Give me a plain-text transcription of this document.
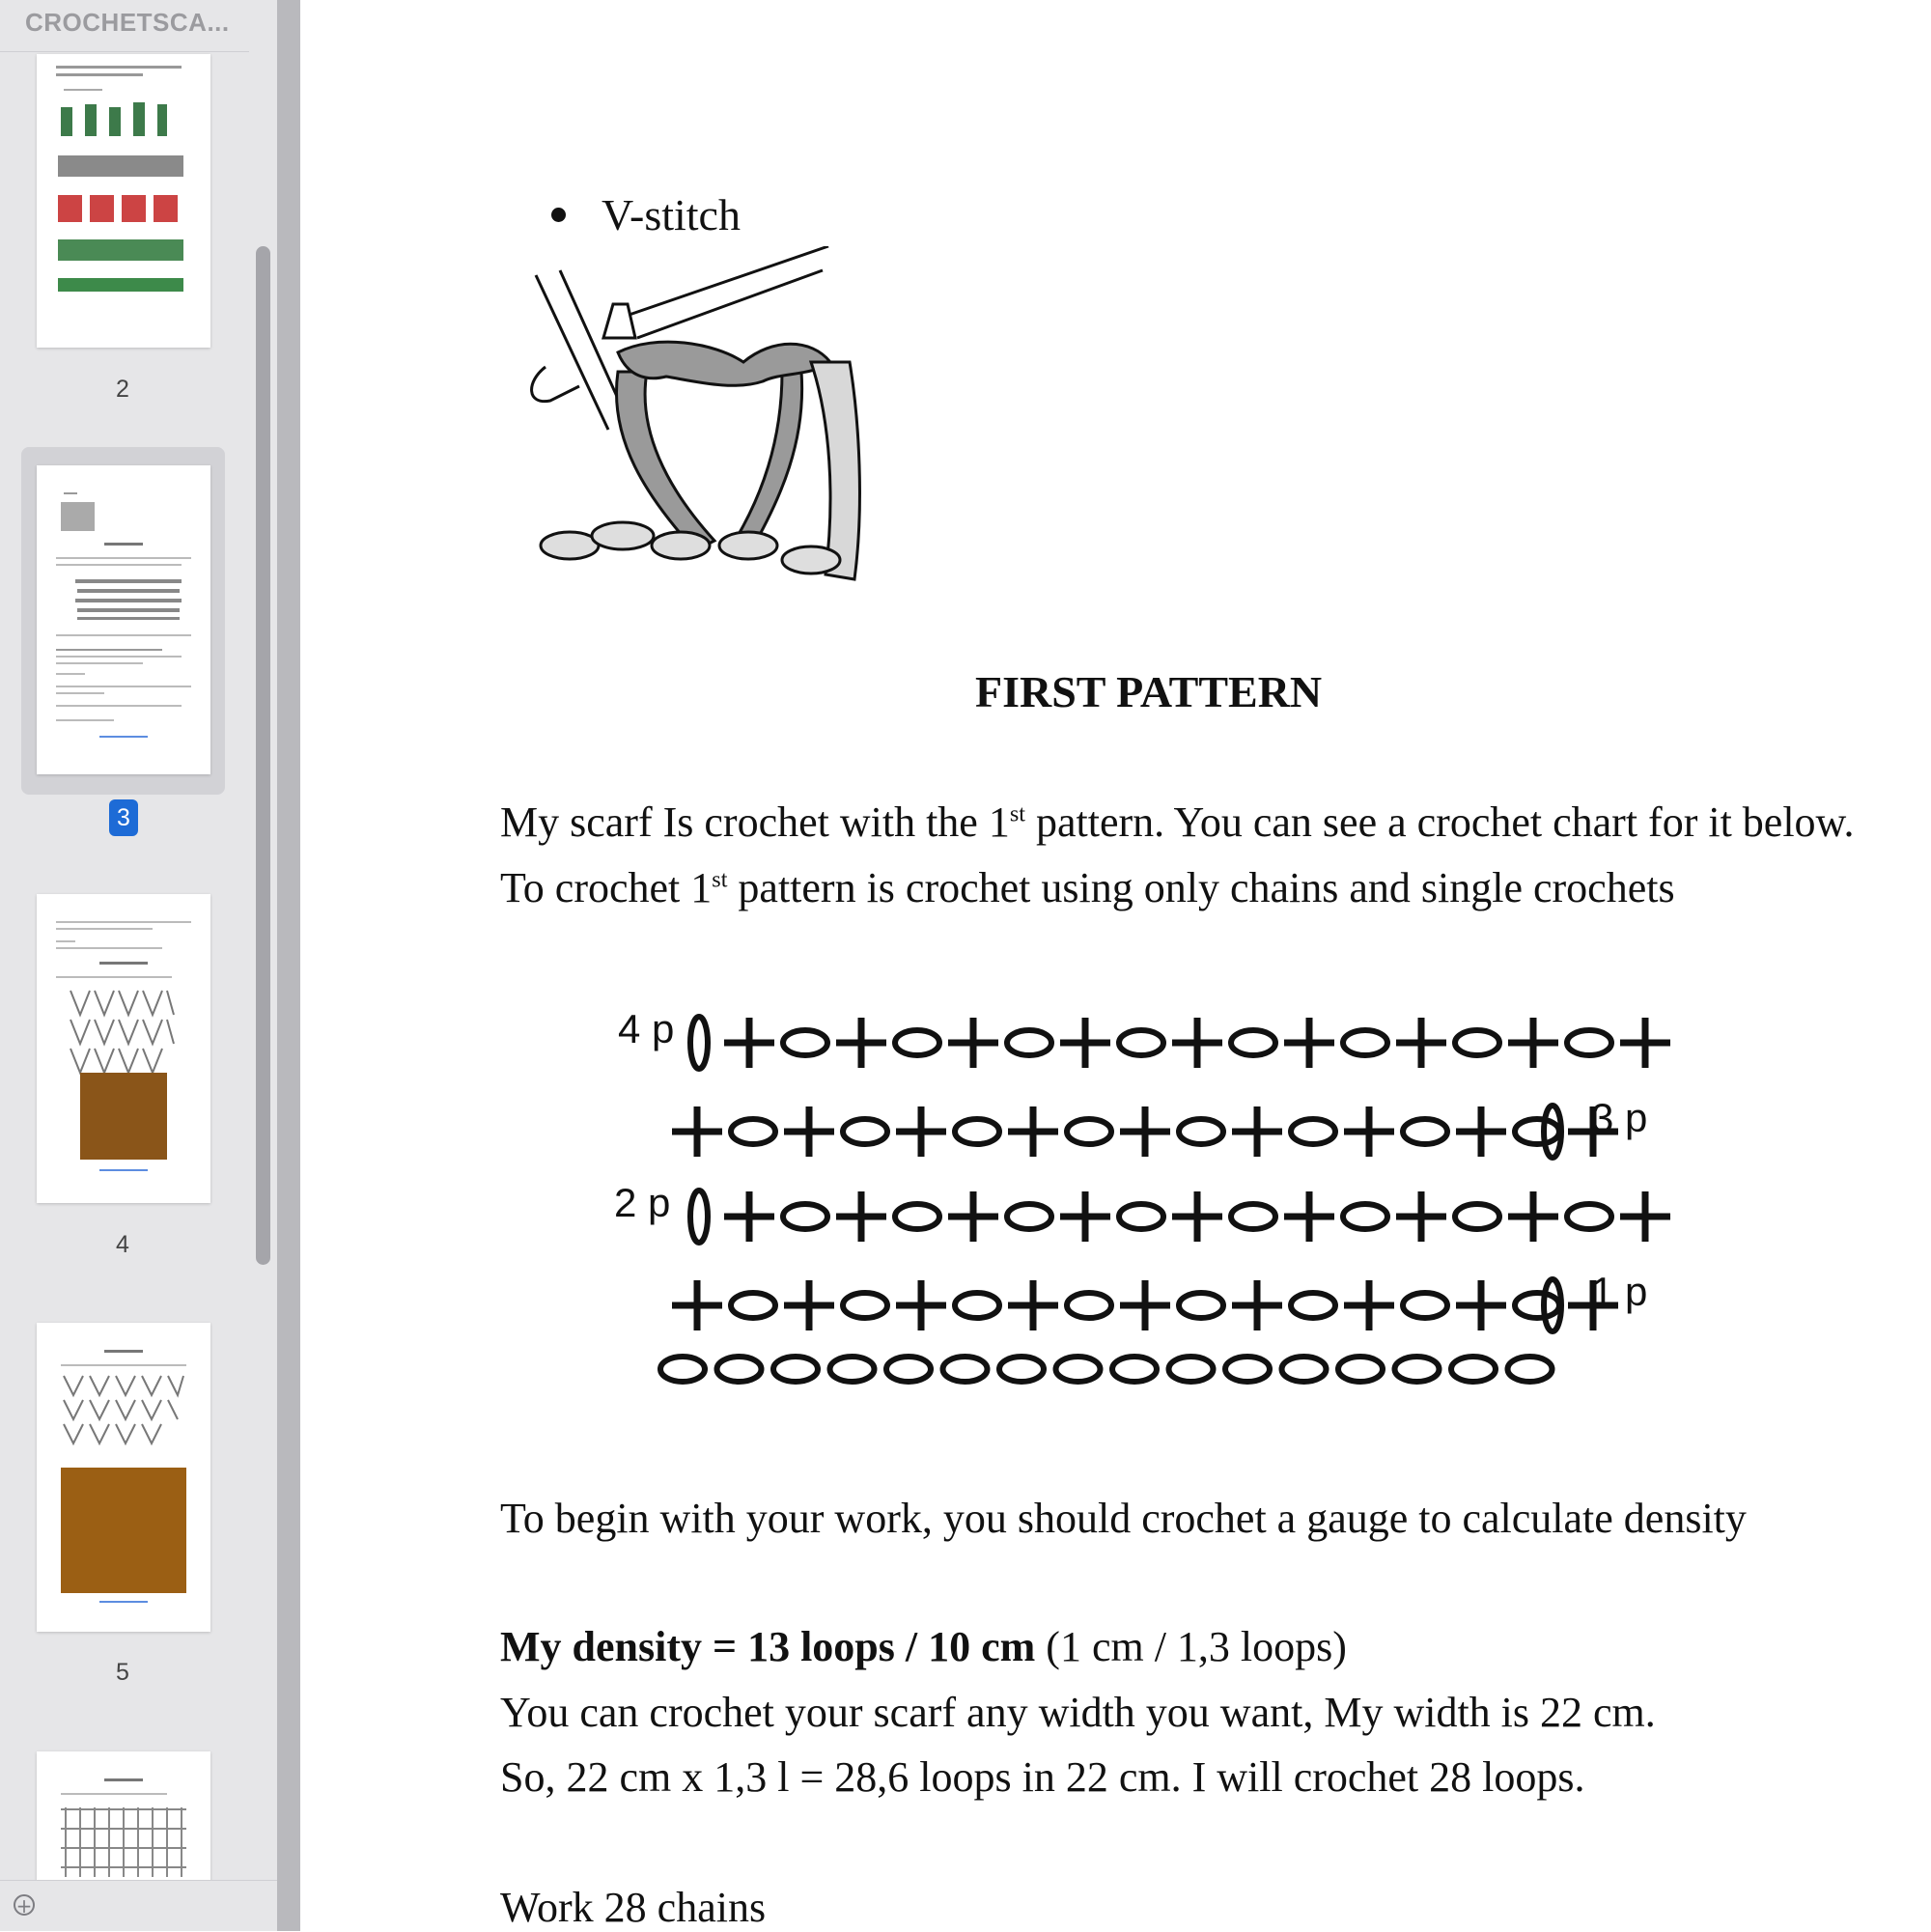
CROCHETSCA...
2
3
4
5
+
V-stitch
FIRST PATTERN
My scarf Is crochet with the 1st pattern. You can see a crochet chart for it below.
To crochet 1st pattern is crochet using only chains and single crochets
4 p
3 p
2 p
1 p
To begin with your work, you should crochet a gauge to calculate density
My density = 13 loops / 10 cm (1 cm / 1,3 loops)
You can crochet your scarf any width you want, My width is 22 cm.
So, 22 cm x 1,3 l = 28,6 loops in 22 cm. I will crochet 28 loops.
Work 28 chains
